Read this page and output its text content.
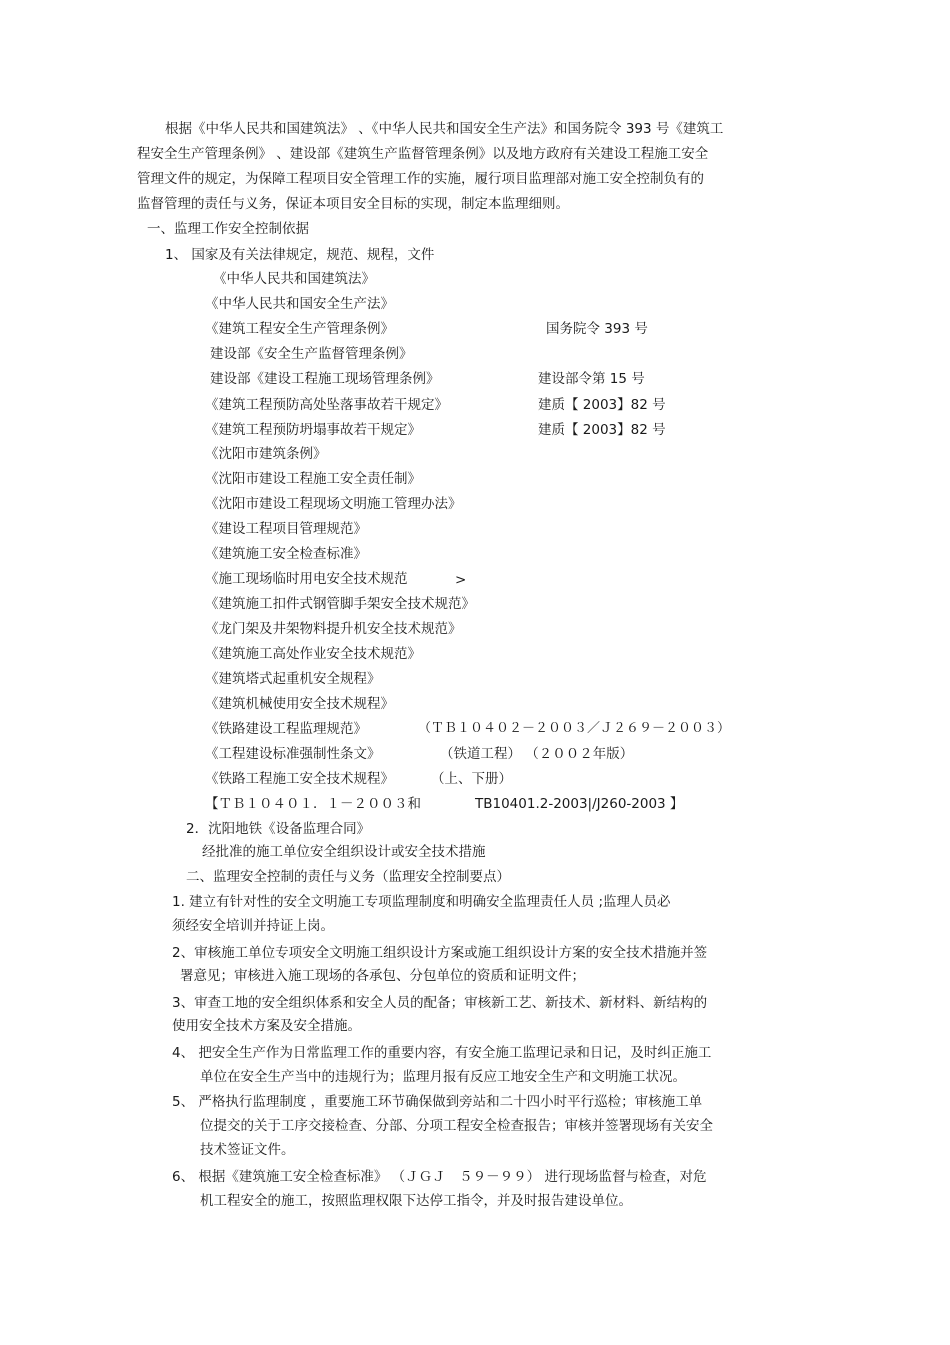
根据《中华人民共和国建筑法》 、《中华人民共和国安全生产法》和国务院令 393 号《建筑工
程安全生产管理条例》 、建设部《建筑生产监督管理条例》以及地方政府有关建设工程施工安全
管理文件的规定，为保障工程项目安全管理工作的实施，履行项目监理部对施工安全控制负有的
监督管理的责任与义务，保证本项目安全目标的实现，制定本监理细则。
一、监理工作安全控制依据
1、 国家及有关法律规定，规范、规程，文件
《中华人民共和国建筑法》
《中华人民共和国安全生产法》
《建筑工程安全生产管理条例》	国务院令 393 号
建设部《安全生产监督管理条例》
建设部《建设工程施工现场管理条例》	建设部令第 15 号
《建筑工程预防高处坠落事故若干规定》	建质【 2003】82 号
《建筑工程预防坍塌事故若干规定》	建质【 2003】82 号
《沈阳市建筑条例》
《沈阳市建设工程施工安全责任制》
《沈阳市建设工程现场文明施工管理办法》
《建设工程项目管理规范》
《建筑施工安全检查标准》
《施工现场临时用电安全技术规范	>
《建筑施工扣件式钢管脚手架安全技术规范》
《龙门架及井架物料提升机安全技术规范》
《建筑施工高处作业安全技术规范》
《建筑塔式起重机安全规程》
《建筑机械使用安全技术规程》
《铁路建设工程监理规范》	（ＴＢ１０４０２－２００３／Ｊ２６９－２００３）
《工程建设标准强制性条文》	（铁道工程） （２００２年版）
《铁路工程施工安全技术规程》	（上、下册）
【ＴＢ１０４０１．１－２００３和	TB10401.2-2003|/J260-2003 】
2．沈阳地铁《设备监理合同》
经批准的施工单位安全组织设计或安全技术措施
二、监理安全控制的责任与义务（监理安全控制要点）
1. 建立有针对性的安全文明施工专项监理制度和明确安全监理责任人员 ;监理人员必
须经安全培训并持证上岗。
2、审核施工单位专项安全文明施工组织设计方案或施工组织设计方案的安全技术措施并签
署意见；审核进入施工现场的各承包、分包单位的资质和证明文件；
3、审查工地的安全组织体系和安全人员的配备；审核新工艺、新技术、新材料、新结构的
使用安全技术方案及安全措施。
4、 把安全生产作为日常监理工作的重要内容，有安全施工监理记录和日记，及时纠正施工
单位在安全生产当中的违规行为；监理月报有反应工地安全生产和文明施工状况。
5、 严格执行监理制度 ，重要施工环节确保做到旁站和二十四小时平行巡检；审核施工单
位提交的关于工序交接检查、分部、分项工程安全检查报告；审核并签署现场有关安全
技术签证文件。
6、 根据《建筑施工安全检查标准》 （ＪＧＪ　５９－９９） 进行现场监督与检查，对危
机工程安全的施工，按照监理权限下达停工指令，并及时报告建设单位。
